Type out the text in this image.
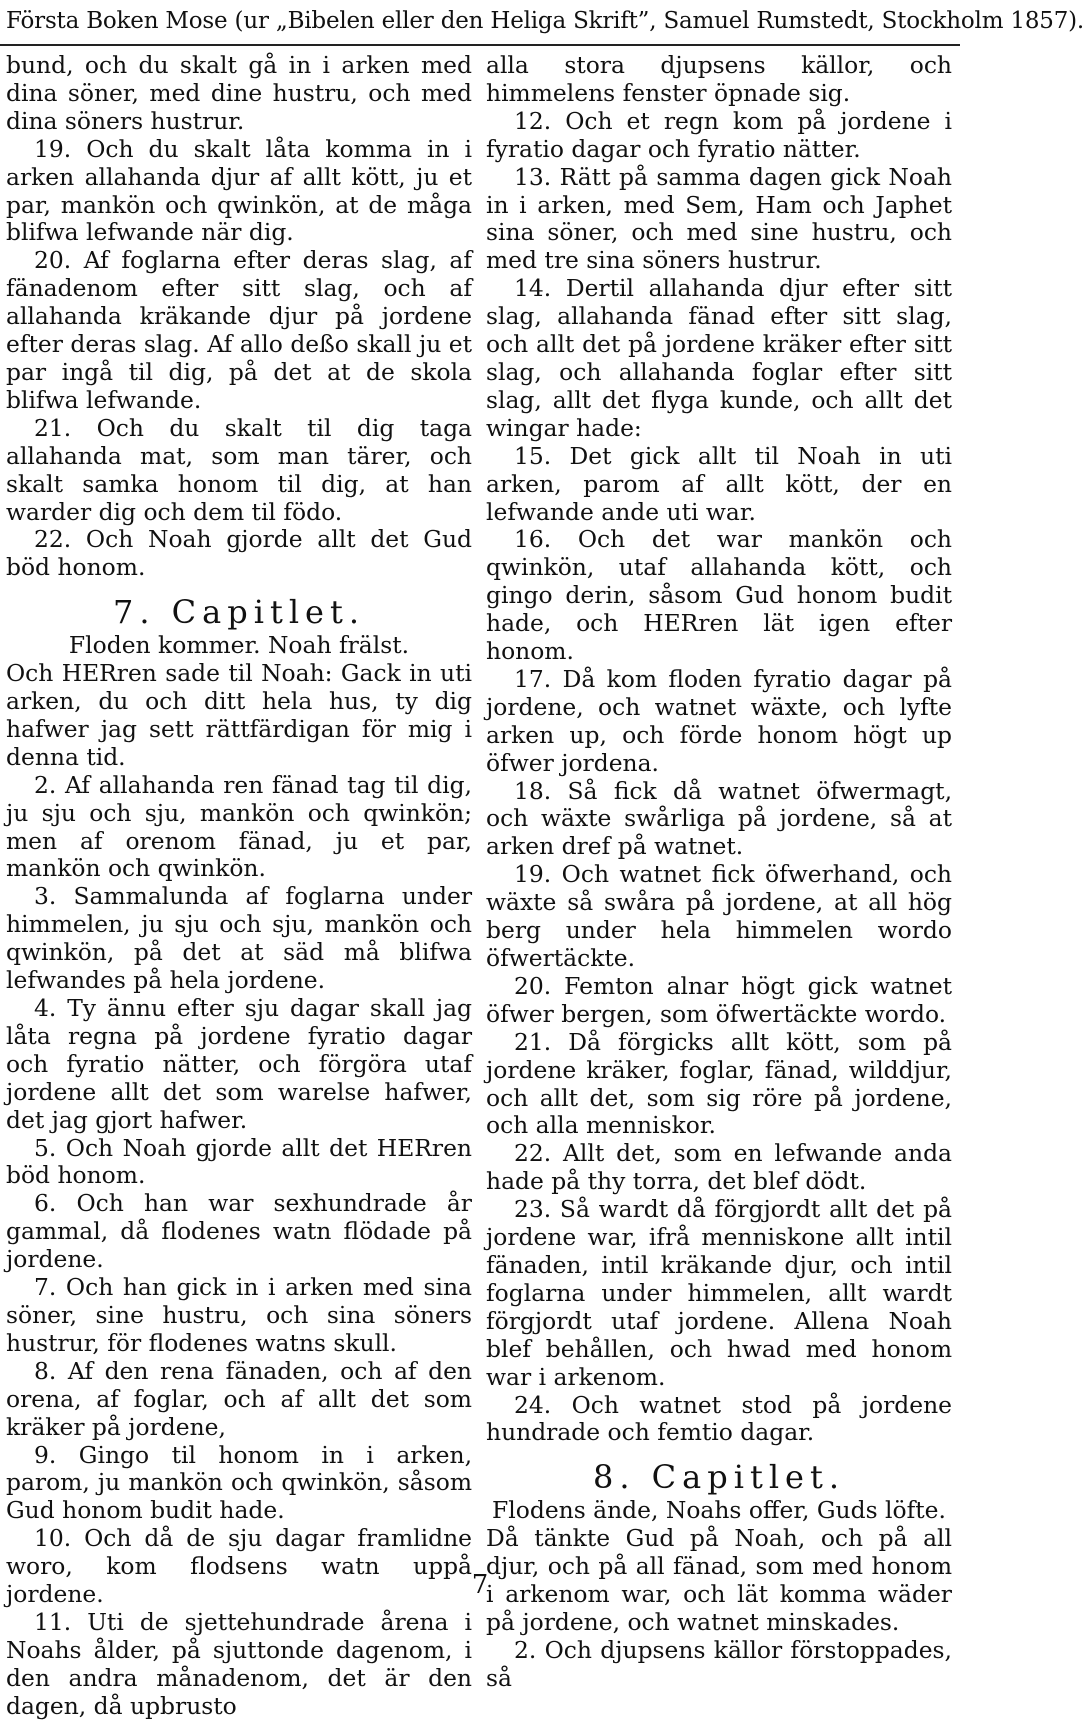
Första Boken Mose (ur „Bibelen eller den Heliga Skrift”, Samuel Rumstedt, Stockholm 1857).

bund, och du skalt gå in i arken med dina söner, med dine hustru, och med dina söners hustrur.

19. Och du skalt låta komma in i arken allahanda djur af allt kött, ju et par, mankön och qwinkön, at de måga blifwa lefwande när dig.

20. Af foglarna efter deras slag, af fänadenom efter sitt slag, och af allahanda kräkande djur på jordene efter deras slag. Af allo deßo skall ju et par ingå til dig, på det at de skola blifwa lefwande.

21. Och du skalt til dig taga allahanda mat, som man tärer, och skalt samka honom til dig, at han warder dig och dem til födo.

22. Och Noah gjorde allt det Gud böd honom.

7. Capitlet.

Floden kommer. Noah frälst.

Och HERren sade til Noah: Gack in uti arken, du och ditt hela hus, ty dig hafwer jag sett rättfärdigan för mig i denna tid.

2. Af allahanda ren fänad tag til dig, ju sju och sju, mankön och qwinkön; men af orenom fänad, ju et par, mankön och qwinkön.

3. Sammalunda af foglarna under himmelen, ju sju och sju, mankön och qwinkön, på det at säd må blifwa lefwandes på hela jordene.

4. Ty ännu efter sju dagar skall jag låta regna på jordene fyratio dagar och fyratio nätter, och förgöra utaf jordene allt det som warelse hafwer, det jag gjort hafwer.

5. Och Noah gjorde allt det HERren böd honom.

6. Och han war sexhundrade år gammal, då flodenes watn flödade på jordene.

7. Och han gick in i arken med sina söner, sine hustru, och sina söners hustrur, för flodenes watns skull.

8. Af den rena fänaden, och af den orena, af foglar, och af allt det som kräker på jordene,

9. Gingo til honom in i arken, parom, ju mankön och qwinkön, såsom Gud honom budit hade.

10. Och då de sju dagar framlidne woro, kom flodsens watn uppå jordene.

11. Uti de sjettehundrade årena i Noahs ålder, på sjuttonde dagenom, i den andra månadenom, det är den dagen, då upbrusto

alla stora djupsens källor, och himmelens fenster öpnade sig.

12. Och et regn kom på jordene i fyratio dagar och fyratio nätter.

13. Rätt på samma dagen gick Noah in i arken, med Sem, Ham och Japhet sina söner, och med sine hustru, och med tre sina söners hustrur.

14. Dertil allahanda djur efter sitt slag, allahanda fänad efter sitt slag, och allt det på jordene kräker efter sitt slag, och allahanda foglar efter sitt slag, allt det flyga kunde, och allt det wingar hade:

15. Det gick allt til Noah in uti arken, parom af allt kött, der en lefwande ande uti war.

16. Och det war mankön och qwinkön, utaf allahanda kött, och gingo derin, såsom Gud honom budit hade, och HERren lät igen efter honom.

17. Då kom floden fyratio dagar på jordene, och watnet wäxte, och lyfte arken up, och förde honom högt up öfwer jordena.

18. Så fick då watnet öfwermagt, och wäxte swårliga på jordene, så at arken dref på watnet.

19. Och watnet fick öfwerhand, och wäxte så swåra på jordene, at all hög berg under hela himmelen wordo öfwertäckte.

20. Femton alnar högt gick watnet öfwer bergen, som öfwertäckte wordo.

21. Då förgicks allt kött, som på jordene kräker, foglar, fänad, wilddjur, och allt det, som sig röre på jordene, och alla menniskor.

22. Allt det, som en lefwande anda hade på thy torra, det blef dödt.

23. Så wardt då förgjordt allt det på jordene war, ifrå menniskone allt intil fänaden, intil kräkande djur, och intil foglarna under himmelen, allt wardt förgjordt utaf jordene. Allena Noah blef behållen, och hwad med honom war i arkenom.

24. Och watnet stod på jordene hundrade och femtio dagar.

8. Capitlet.

Flodens ände, Noahs offer, Guds löfte.

Då tänkte Gud på Noah, och på all djur, och på all fänad, som med honom i arkenom war, och lät komma wäder på jordene, och watnet minskades.

2. Och djupsens källor förstoppades, så

7
